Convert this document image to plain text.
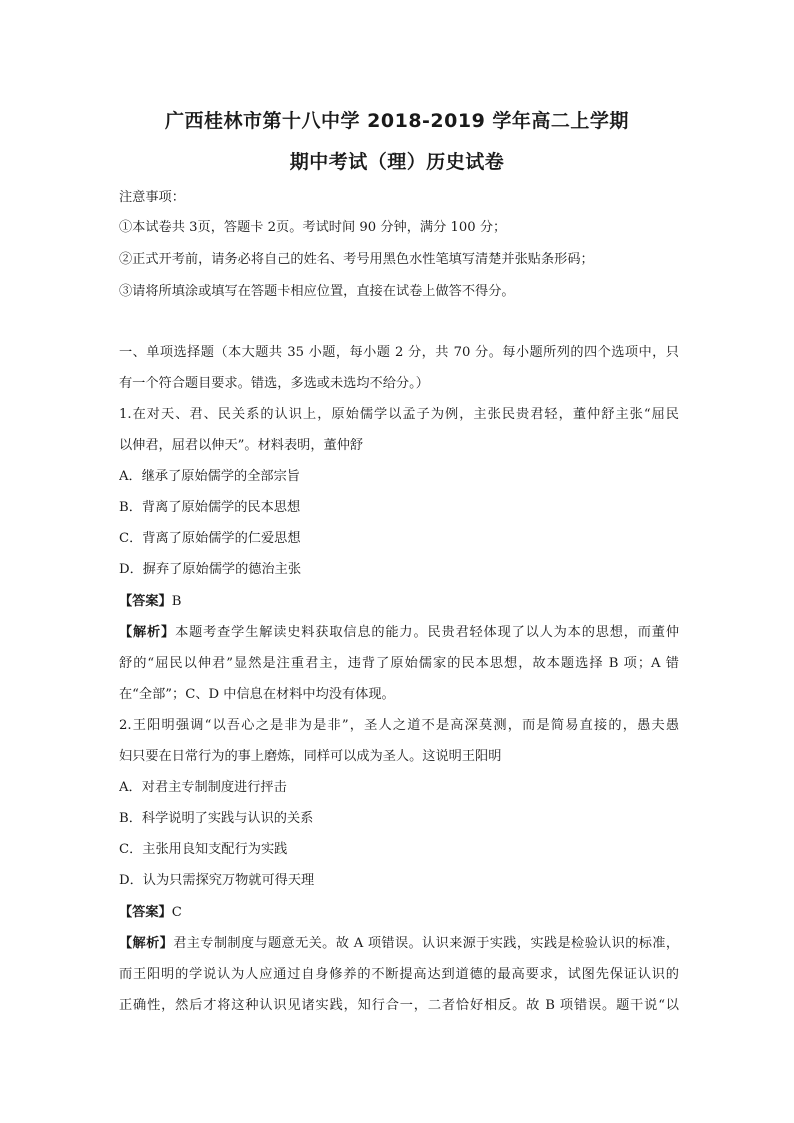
广西桂林市第十八中学 2018-2019 学年高二上学期
期中考试（理）历史试卷
注意事项：
①本试卷共 3页，答题卡 2页。考试时间 90 分钟，满分 100 分；
②正式开考前，请务必将自己的姓名、考号用黑色水性笔填写清楚并张贴条形码；
③请将所填涂或填写在答题卡相应位置，直接在试卷上做答不得分。
一、单项选择题（本大题共 35 小题，每小题 2 分，共 70 分。每小题所列的四个选项中，只
有一个符合题目要求。错选，多选或未选均不给分。）
1.在对天、君、民关系的认识上，原始儒学以孟子为例，主张民贵君轻，董仲舒主张“屈民
以伸君，屈君以伸天”。材料表明，董仲舒
A．继承了原始儒学的全部宗旨
B．背离了原始儒学的民本思想
C．背离了原始儒学的仁爱思想
D．摒弃了原始儒学的德治主张
【答案】B
【解析】本题考查学生解读史料获取信息的能力。民贵君轻体现了以人为本的思想，而董仲
舒的“屈民以伸君”显然是注重君主，违背了原始儒家的民本思想，故本题选择 B 项；A 错
在“全部”；C、D 中信息在材料中均没有体现。
2.王阳明强调“以吾心之是非为是非”，圣人之道不是高深莫测，而是简易直接的，愚夫愚
妇只要在日常行为的事上磨炼，同样可以成为圣人。这说明王阳明
A．对君主专制制度进行抨击
B．科学说明了实践与认识的关系
C．主张用良知支配行为实践
D．认为只需探究万物就可得天理
【答案】C
【解析】君主专制制度与题意无关。故 A 项错误。认识来源于实践，实践是检验认识的标准，
而王阳明的学说认为人应通过自身修养的不断提高达到道德的最高要求，试图先保证认识的
正确性，然后才将这种认识见诸实践，知行合一，二者恰好相反。故 B 项错误。题干说“以
